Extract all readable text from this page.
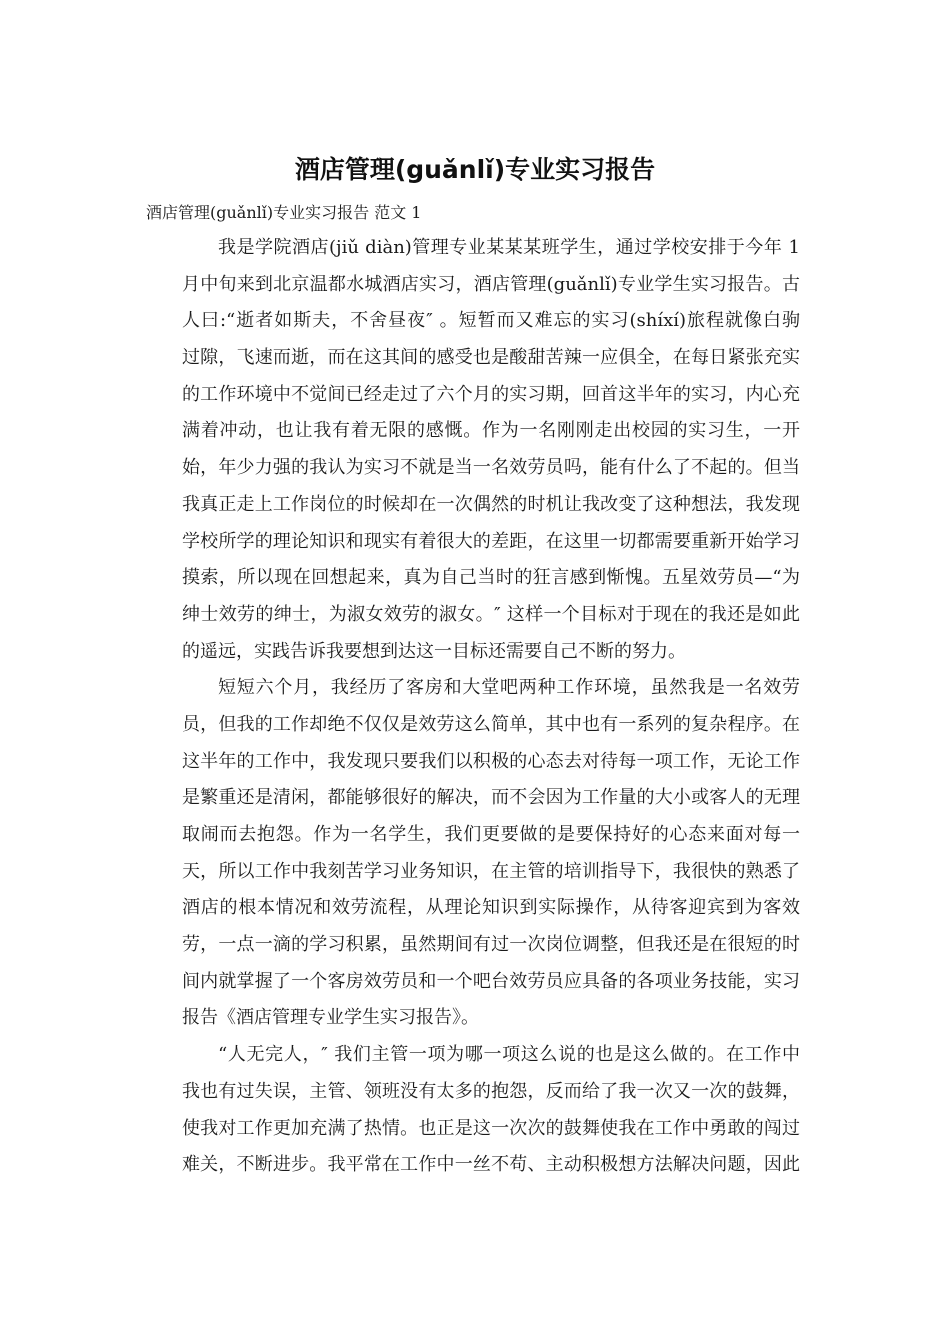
酒店管理(guǎnlǐ)专业实习报告

酒店管理(guǎnlǐ)专业实习报告 范文 1

我是学院酒店(jiǔ diàn)管理专业某某某班学生，通过学校安排于今年 1
月中旬来到北京温都水城酒店实习，酒店管理(guǎnlǐ)专业学生实习报告。古
人曰:“逝者如斯夫，不舍昼夜″ 。短暂而又难忘的实习(shíxí)旅程就像白驹
过隙，飞速而逝，而在这其间的感受也是酸甜苦辣一应俱全，在每日紧张充实
的工作环境中不觉间已经走过了六个月的实习期，回首这半年的实习，内心充
满着冲动，也让我有着无限的感慨。作为一名刚刚走出校园的实习生，一开
始，年少力强的我认为实习不就是当一名效劳员吗，能有什么了不起的。但当
我真正走上工作岗位的时候却在一次偶然的时机让我改变了这种想法，我发现
学校所学的理论知识和现实有着很大的差距，在这里一切都需要重新开始学习
摸索，所以现在回想起来，真为自己当时的狂言感到惭愧。五星效劳员—“为
绅士效劳的绅士，为淑女效劳的淑女。″ 这样一个目标对于现在的我还是如此
的遥远，实践告诉我要想到达这一目标还需要自己不断的努力。
短短六个月，我经历了客房和大堂吧两种工作环境，虽然我是一名效劳
员，但我的工作却绝不仅仅是效劳这么简单，其中也有一系列的复杂程序。在
这半年的工作中，我发现只要我们以积极的心态去对待每一项工作，无论工作
是繁重还是清闲，都能够很好的解决，而不会因为工作量的大小或客人的无理
取闹而去抱怨。作为一名学生，我们更要做的是要保持好的心态来面对每一
天，所以工作中我刻苦学习业务知识，在主管的培训指导下，我很快的熟悉了
酒店的根本情况和效劳流程，从理论知识到实际操作，从待客迎宾到为客效
劳，一点一滴的学习积累，虽然期间有过一次岗位调整，但我还是在很短的时
间内就掌握了一个客房效劳员和一个吧台效劳员应具备的各项业务技能，实习
报告《酒店管理专业学生实习报告》。
“人无完人，″ 我们主管一项为哪一项这么说的也是这么做的。在工作中
我也有过失误，主管、领班没有太多的抱怨，反而给了我一次又一次的鼓舞，
使我对工作更加充满了热情。也正是这一次次的鼓舞使我在工作中勇敢的闯过
难关，不断进步。我平常在工作中一丝不苟、主动积极想方法解决问题，因此
